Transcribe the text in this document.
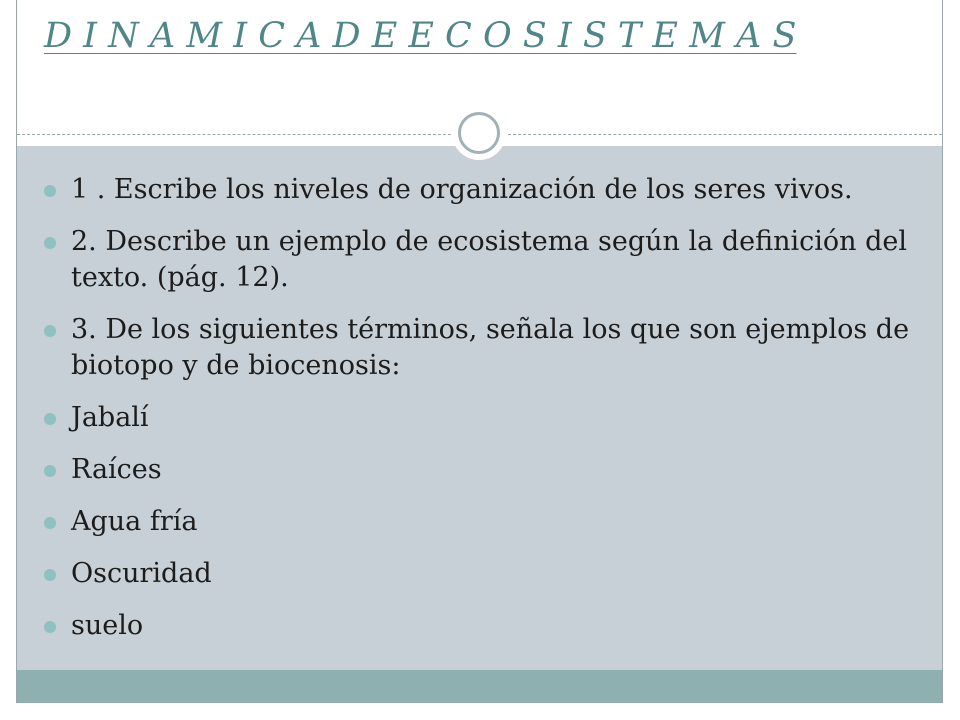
D I N A M I C A D E E C O S I S T E M A S
1 . Escribe los niveles de organización de los seres vivos.
2. Describe un ejemplo de ecosistema según la definición del texto. (pág. 12).
3. De los siguientes términos, señala los que son ejemplos de biotopo y de biocenosis:
Jabalí
Raíces
Agua fría
Oscuridad
suelo
